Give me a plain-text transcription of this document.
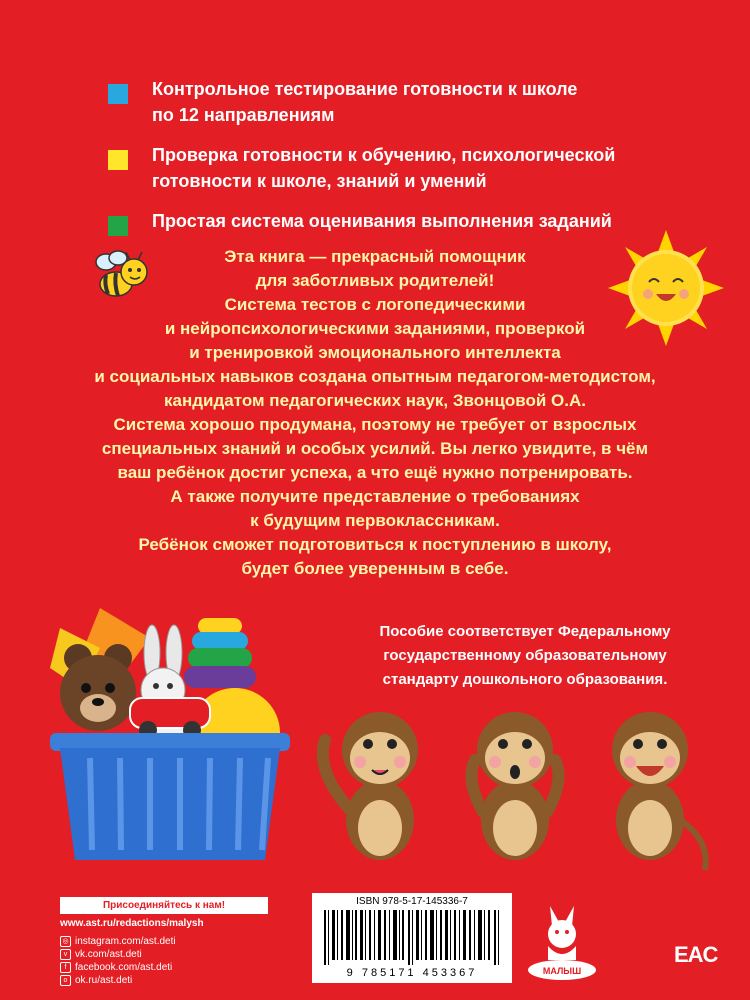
Контрольное тестирование готовности к школе
по 12 направлениям
Проверка готовности к обучению, психологической
готовности к школе, знаний и умений
Простая система оценивания выполнения заданий
Эта книга — прекрасный помощник
для заботливых родителей!
Система тестов с логопедическими
и нейропсихологическими заданиями, проверкой
и тренировкой эмоционального интеллекта
и социальных навыков создана опытным педагогом-методистом,
кандидатом педагогических наук, Звонцовой О.А.
Система хорошо продумана, поэтому не требует от взрослых
специальных знаний и особых усилий. Вы легко увидите, в чём
ваш ребёнок достиг успеха, а что ещё нужно потренировать.
А также получите представление о требованиях
к будущим первоклассникам.
Ребёнок сможет подготовиться к поступлению в школу,
будет более уверенным в себе.
Пособие соответствует Федеральному
государственному образовательному
стандарту дошкольного образования.
Присоединяйтесь к нам!
www.ast.ru/redactions/malysh
◎ instagram.com/ast.deti
v vk.com/ast.deti
f facebook.com/ast.deti
o ok.ru/ast.deti
ISBN 978-5-17-145336-7
9 785171 453367	МАЛЫШ
EAC
